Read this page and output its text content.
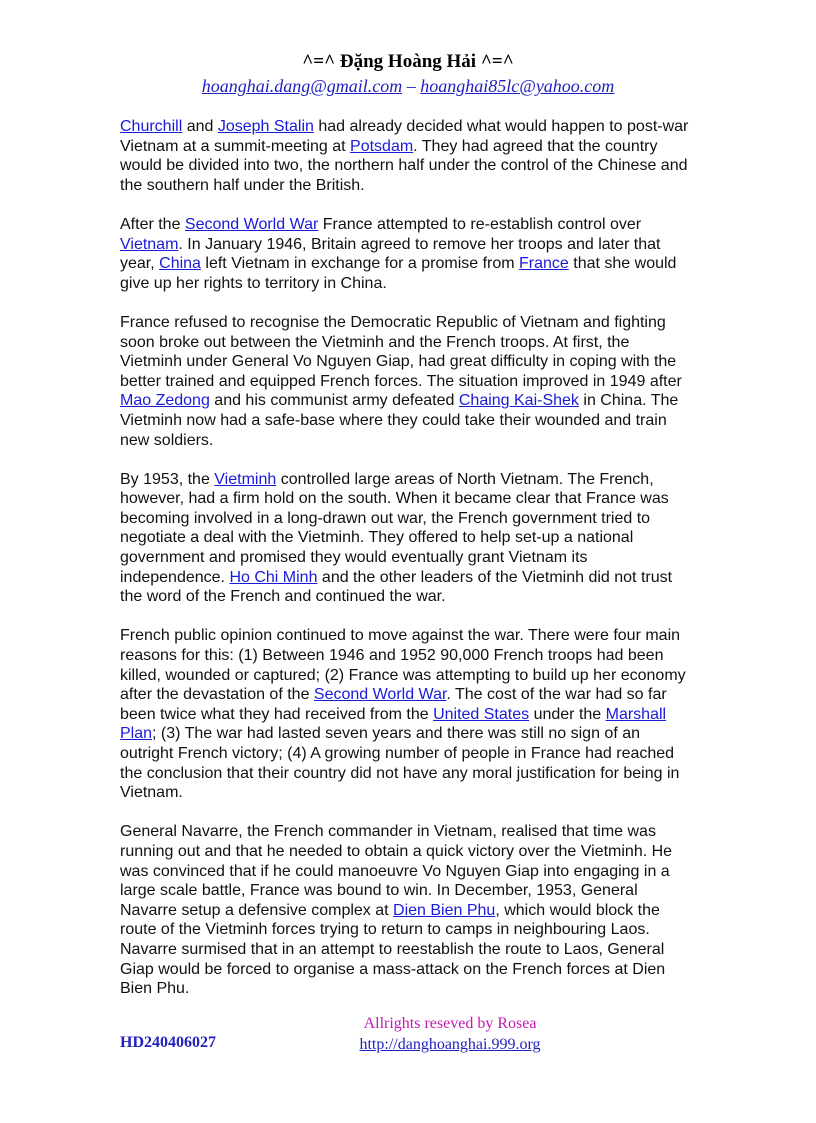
^=^ Đặng Hoàng Hải ^=^
hoanghai.dang@gmail.com – hoanghai85lc@yahoo.com

Churchill and Joseph Stalin had already decided what would happen to post-war Vietnam at a summit-meeting at Potsdam. They had agreed that the country would be divided into two, the northern half under the control of the Chinese and the southern half under the British.

After the Second World War France attempted to re-establish control over Vietnam. In January 1946, Britain agreed to remove her troops and later that year, China left Vietnam in exchange for a promise from France that she would give up her rights to territory in China.

France refused to recognise the Democratic Republic of Vietnam and fighting soon broke out between the Vietminh and the French troops. At first, the Vietminh under General Vo Nguyen Giap, had great difficulty in coping with the better trained and equipped French forces. The situation improved in 1949 after Mao Zedong and his communist army defeated Chaing Kai-Shek in China. The Vietminh now had a safe-base where they could take their wounded and train new soldiers.

By 1953, the Vietminh controlled large areas of North Vietnam. The French, however, had a firm hold on the south. When it became clear that France was becoming involved in a long-drawn out war, the French government tried to negotiate a deal with the Vietminh. They offered to help set-up a national government and promised they would eventually grant Vietnam its independence. Ho Chi Minh and the other leaders of the Vietminh did not trust the word of the French and continued the war.

French public opinion continued to move against the war. There were four main reasons for this: (1) Between 1946 and 1952 90,000 French troops had been killed, wounded or captured; (2) France was attempting to build up her economy after the devastation of the Second World War. The cost of the war had so far been twice what they had received from the United States under the Marshall Plan; (3) The war had lasted seven years and there was still no sign of an outright French victory; (4) A growing number of people in France had reached the conclusion that their country did not have any moral justification for being in Vietnam.

General Navarre, the French commander in Vietnam, realised that time was running out and that he needed to obtain a quick victory over the Vietminh. He was convinced that if he could manoeuvre Vo Nguyen Giap into engaging in a large scale battle, France was bound to win. In December, 1953, General Navarre setup a defensive complex at Dien Bien Phu, which would block the route of the Vietminh forces trying to return to camps in neighbouring Laos. Navarre surmised that in an attempt to reestablish the route to Laos, General Giap would be forced to organise a mass-attack on the French forces at Dien Bien Phu.

HD240406027
Allrights reseved by Rosea
http://danghoanghai.999.org
